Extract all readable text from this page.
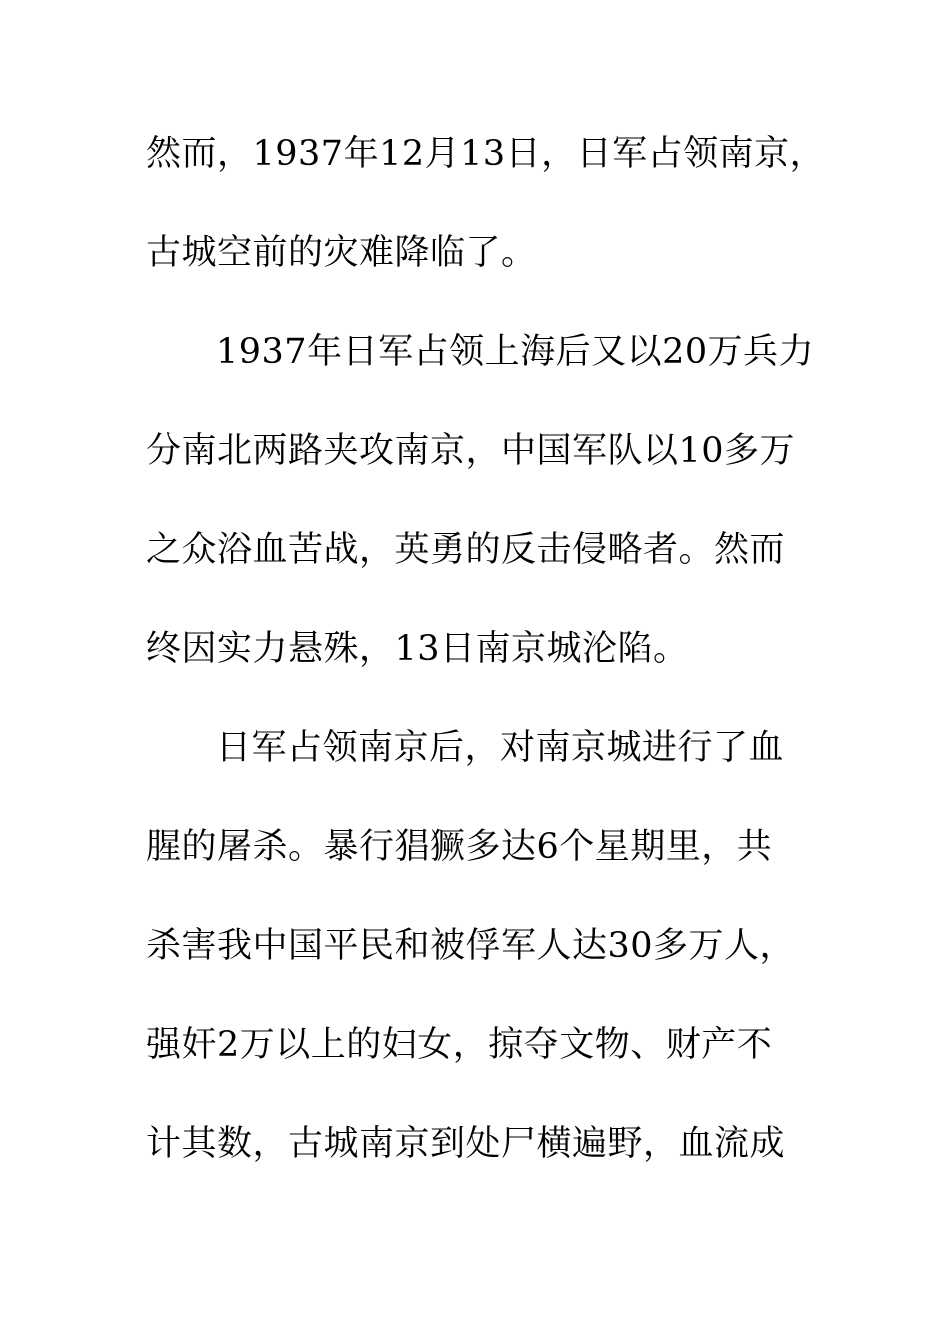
然而，1937年12月13日，日军占领南京，
古城空前的灾难降临了。
1937年日军占领上海后又以20万兵力
分南北两路夹攻南京，中国军队以10多万
之众浴血苦战，英勇的反击侵略者。然而
终因实力悬殊，13日南京城沦陷。
日军占领南京后，对南京城进行了血
腥的屠杀。暴行猖獗多达6个星期里，共
杀害我中国平民和被俘军人达30多万人，
强奸2万以上的妇女，掠夺文物、财产不
计其数，古城南京到处尸横遍野，血流成
